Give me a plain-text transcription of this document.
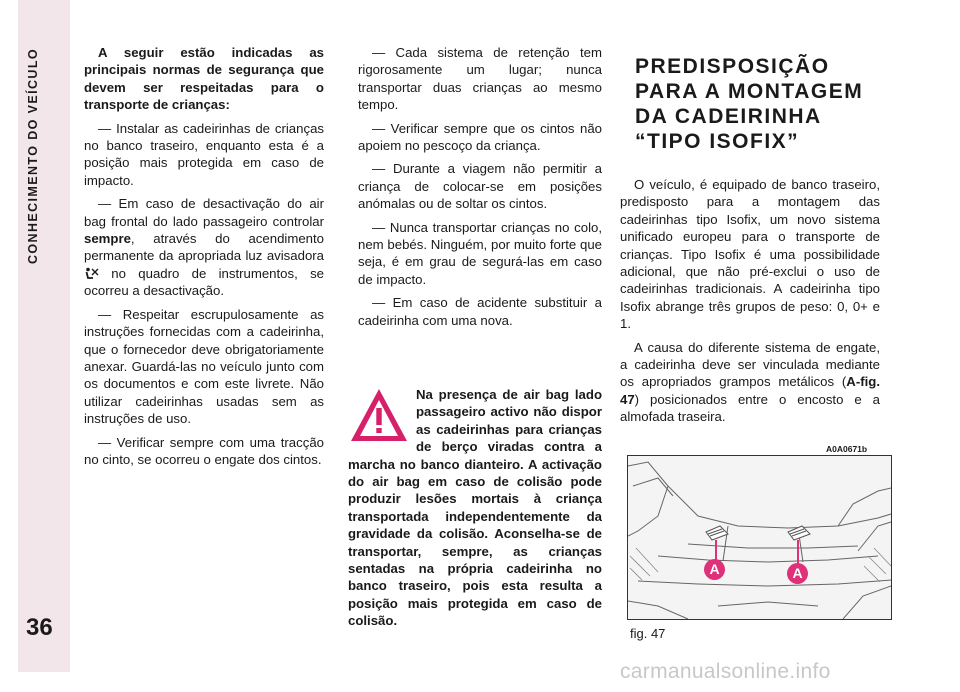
CONHECIMENTO DO VEÍCULO
36

A seguir estão indicadas as principais normas de segurança que devem ser respeitadas para o transporte de crianças:

— Instalar as cadeirinhas de crianças no banco traseiro, enquanto esta é a posição mais protegida em caso de impacto.

— Em caso de desactivação do air bag frontal do lado passageiro controlar sempre, através do acendimento permanente da apropriada luz avisadora  no quadro de instrumentos, se ocorreu a desactivação.

— Respeitar escrupulosamente as instruções fornecidas com a cadeirinha, que o fornecedor deve obrigatoriamente anexar. Guardá-las no veículo junto com os documentos e com este livrete. Não utilizar cadeirinhas usadas sem as instruções de uso.

— Verificar sempre com uma tracção no cinto, se ocorreu o engate dos cintos.

— Cada sistema de retenção tem rigorosamente um lugar; nunca transportar duas crianças ao mesmo tempo.

— Verificar sempre que os cintos não apoiem no pescoço da criança.

— Durante a viagem não permitir a criança de colocar-se em posições anómalas ou de soltar os cintos.

— Nunca transportar crianças no colo, nem bebés. Ninguém, por muito forte que seja, é em grau de segurá-las em caso de impacto.

— Em caso de acidente substituir a cadeirinha com uma nova.

Na presença de air bag lado passageiro activo não dispor as cadeirinhas para crianças de berço viradas contra a marcha no banco dianteiro. A activação do air bag em caso de colisão pode produzir lesões mortais à criança transportada independentemente da gravidade da colisão. Aconselha-se de transportar, sempre, as crianças sentadas na própria cadeirinha no banco traseiro, pois esta resulta a posição mais protegida em caso de colisão.
PREDISPOSIÇÃO
PARA A MONTAGEM
DA CADEIRINHA
“TIPO ISOFIX”

O veículo, é equipado de banco traseiro, predisposto para a montagem das cadeirinhas tipo Isofix, um novo sistema unificado europeu para o transporte de crianças. Tipo Isofix é uma possibilidade adicional, que não pré-exclui o uso de cadeirinhas tradicionais. A cadeirinha tipo Isofix abrange três grupos de peso: 0, 0+ e 1.

A causa do diferente sistema de engate, a cadeirinha deve ser vinculada mediante os apropriados grampos metálicos (A-fig. 47) posicionados entre o encosto e a almofada traseira.

A0A0671b
A	A
fig. 47
carmanualsonline.info
